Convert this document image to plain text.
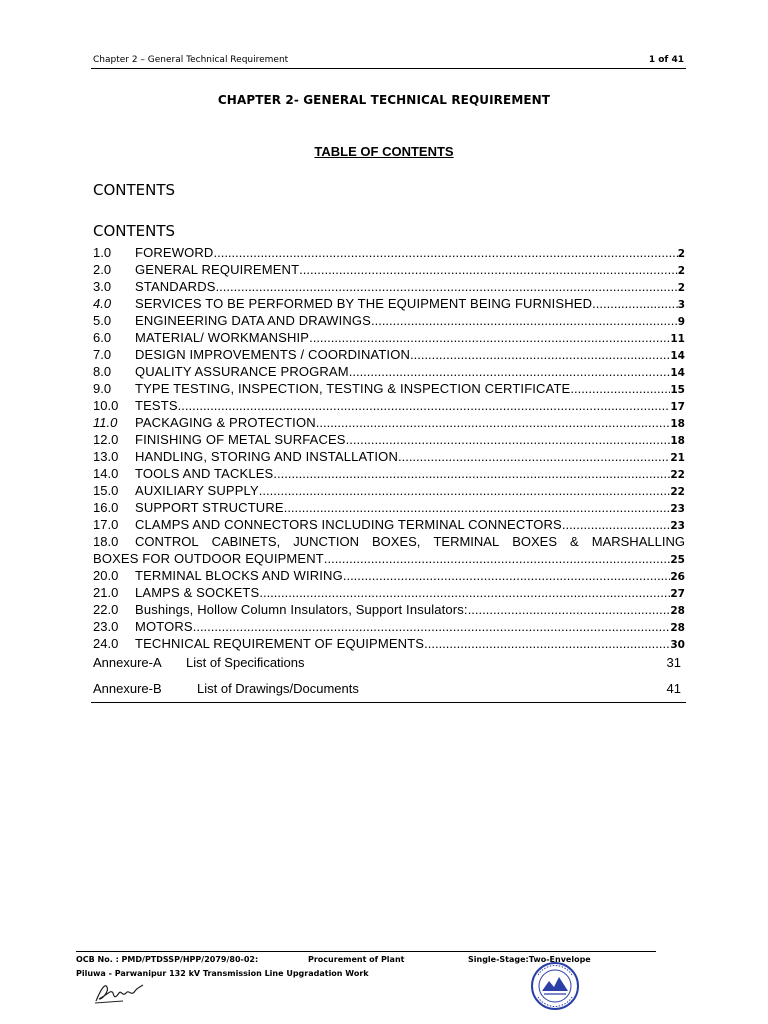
Chapter 2 – General Technical Requirement	1 of 41
CHAPTER 2- GENERAL TECHNICAL REQUIREMENT
TABLE OF CONTENTS
CONTENTS
CONTENTS
1.0	FOREWORD .....	2
2.0	GENERAL REQUIREMENT .....	2
3.0	STANDARDS .....	2
4.0	SERVICES TO BE PERFORMED BY THE EQUIPMENT BEING FURNISHED .....	3
5.0	ENGINEERING DATA AND DRAWINGS .....	9
6.0	MATERIAL/ WORKMANSHIP .....	11
7.0	DESIGN IMPROVEMENTS / COORDINATION .....	14
8.0	QUALITY ASSURANCE PROGRAM .....	14
9.0	TYPE TESTING, INSPECTION, TESTING & INSPECTION CERTIFICATE .....	15
10.0	TESTS .....	17
11.0	PACKAGING & PROTECTION .....	18
12.0	FINISHING OF METAL SURFACES .....	18
13.0	HANDLING, STORING AND INSTALLATION .....	21
14.0	TOOLS AND TACKLES .....	22
15.0	AUXILIARY SUPPLY .....	22
16.0	SUPPORT STRUCTURE .....	23
17.0	CLAMPS AND CONNECTORS INCLUDING TERMINAL CONNECTORS .....	23
18.0	CONTROL CABINETS, JUNCTION BOXES, TERMINAL BOXES & MARSHALLING
BOXES FOR OUTDOOR EQUIPMENT .....	25
20.0	TERMINAL BLOCKS AND WIRING .....	26
21.0	LAMPS & SOCKETS .....	27
22.0	Bushings, Hollow Column Insulators, Support Insulators: .....	28
23.0	MOTORS .....	28
24.0	TECHNICAL REQUIREMENT OF EQUIPMENTS .....	30
Annexure-A List of Specifications	31
Annexure-B	List of Drawings/Documents	41
OCB No. : PMD/PTDSSP/HPP/2079/80-02:	Procurement of Plant	Single-Stage:Two-Envelope
Piluwa - Parwanipur 132 kV Transmission Line Upgradation Work
